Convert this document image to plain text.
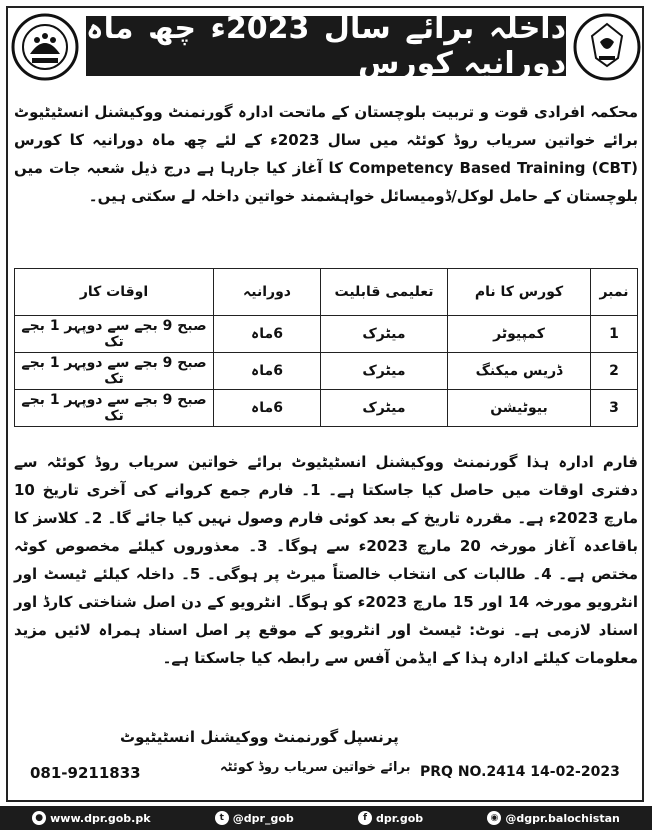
داخلہ برائے سال 2023ء چھ ماہ دورانیہ کورس
محکمہ افرادی قوت و تربیت بلوچستان کے ماتحت ادارہ گورنمنٹ ووکیشنل انسٹیٹیوٹ برائے خواتین سریاب روڈ کوئٹہ میں سال 2023ء کے لئے چھ ماہ دورانیہ کا کورس Competency Based Training (CBT) کا آغاز کیا جارہا ہے درج ذیل شعبہ جات میں بلوچستان کے حامل لوکل/ڈومیسائل خواہشمند خواتین داخلہ لے سکتی ہیں۔
نمبر	کورس کا نام	تعلیمی قابلیت	دورانیہ	اوقات کار
1	کمپیوٹر	میٹرک	6ماہ	صبح 9 بجے سے دوپہر 1 بجے تک
2	ڈریس میکنگ	میٹرک	6ماہ	صبح 9 بجے سے دوپہر 1 بجے تک
3	بیوٹیشن	میٹرک	6ماہ	صبح 9 بجے سے دوپہر 1 بجے تک
فارم ادارہ ہذا گورنمنٹ ووکیشنل انسٹیٹیوٹ برائے خواتین سریاب روڈ کوئٹہ سے دفتری اوقات میں حاصل کیا جاسکتا ہے۔ 1۔ فارم جمع کروانے کی آخری تاریخ 10 مارچ 2023ء ہے۔ مقررہ تاریخ کے بعد کوئی فارم وصول نہیں کیا جائے گا۔ 2۔ کلاسز کا باقاعدہ آغاز مورخہ 20 مارچ 2023ء سے ہوگا۔ 3۔ معذوروں کیلئے مخصوص کوٹہ مختص ہے۔ 4۔ طالبات کی انتخاب خالصتاً میرٹ پر ہوگی۔ 5۔ داخلہ کیلئے ٹیسٹ اور انٹرویو مورخہ 14 اور 15 مارچ 2023ء کو ہوگا۔ انٹرویو کے دن اصل شناختی کارڈ اور اسناد لازمی ہے۔ نوٹ: ٹیسٹ اور انٹرویو کے موقع پر اصل اسناد ہمراہ لائیں مزید معلومات کیلئے ادارہ ہذا کے ایڈمن آفس سے رابطہ کیا جاسکتا ہے۔
پرنسپل گورنمنٹ ووکیشنل انسٹیٹیوٹ
برائے خواتین سریاب روڈ کوئٹہ
081-9211833	PRQ NO.2414 14-02-2023
● www.dpr.gob.pk	t @dpr_gob	f dpr.gob	◉ @dgpr.balochistan
